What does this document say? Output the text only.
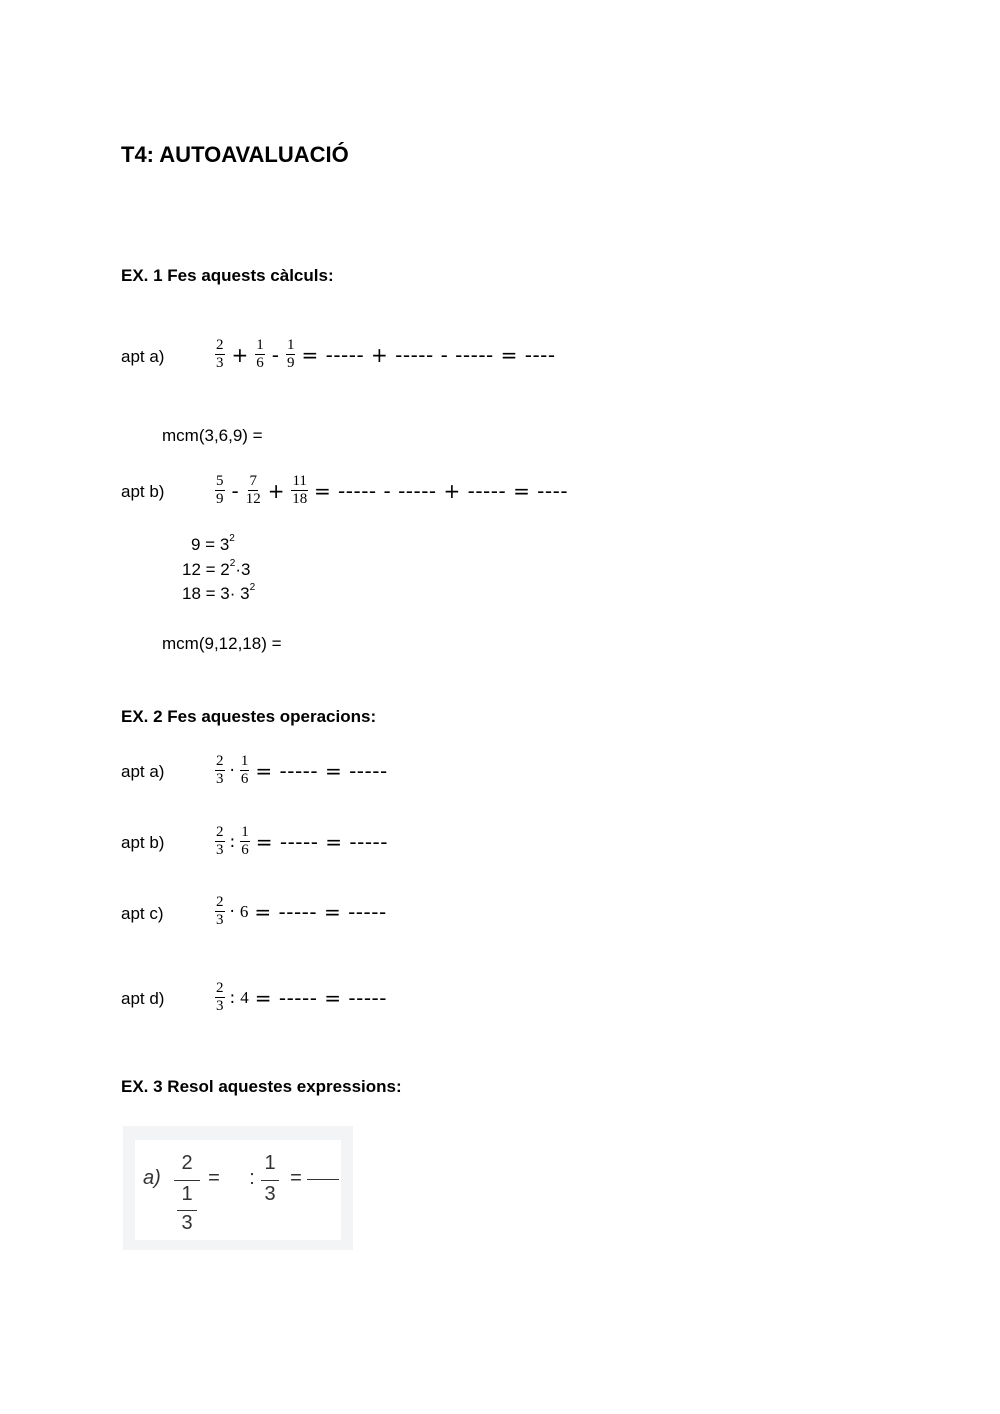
T4: AUTOAVALUACIÓ
EX. 1 Fes aquests càlculs:
apt a)	$\frac{2}{3} + \frac{1}{6} - \frac{1}{9}$ = ----- + ----- - ----- = ----
mcm(3,6,9) =
apt b)	$\frac{5}{9} - \frac{7}{12} + \frac{11}{18}$ = ----- - ----- + ----- = ----
$9 = 3^2$
$12 = 2^2\cdot 3$
$18 = 3\cdot 3^2$
mcm(9,12,18) =
EX. 2 Fes aquestes operacions:
apt a)	$\frac{2}{3} \cdot \frac{1}{6}$ = ----- = -----
apt b)	$\frac{2}{3}$ : $\frac{1}{6}$ = ----- = -----
apt c)	$\frac{2}{3} \cdot 6$ = ----- = -----
apt d)	$\frac{2}{3}$ : 4 = ----- = -----
EX. 3 Resol aquestes expressions:
a)
2
1
3
=	:
1
3
=
